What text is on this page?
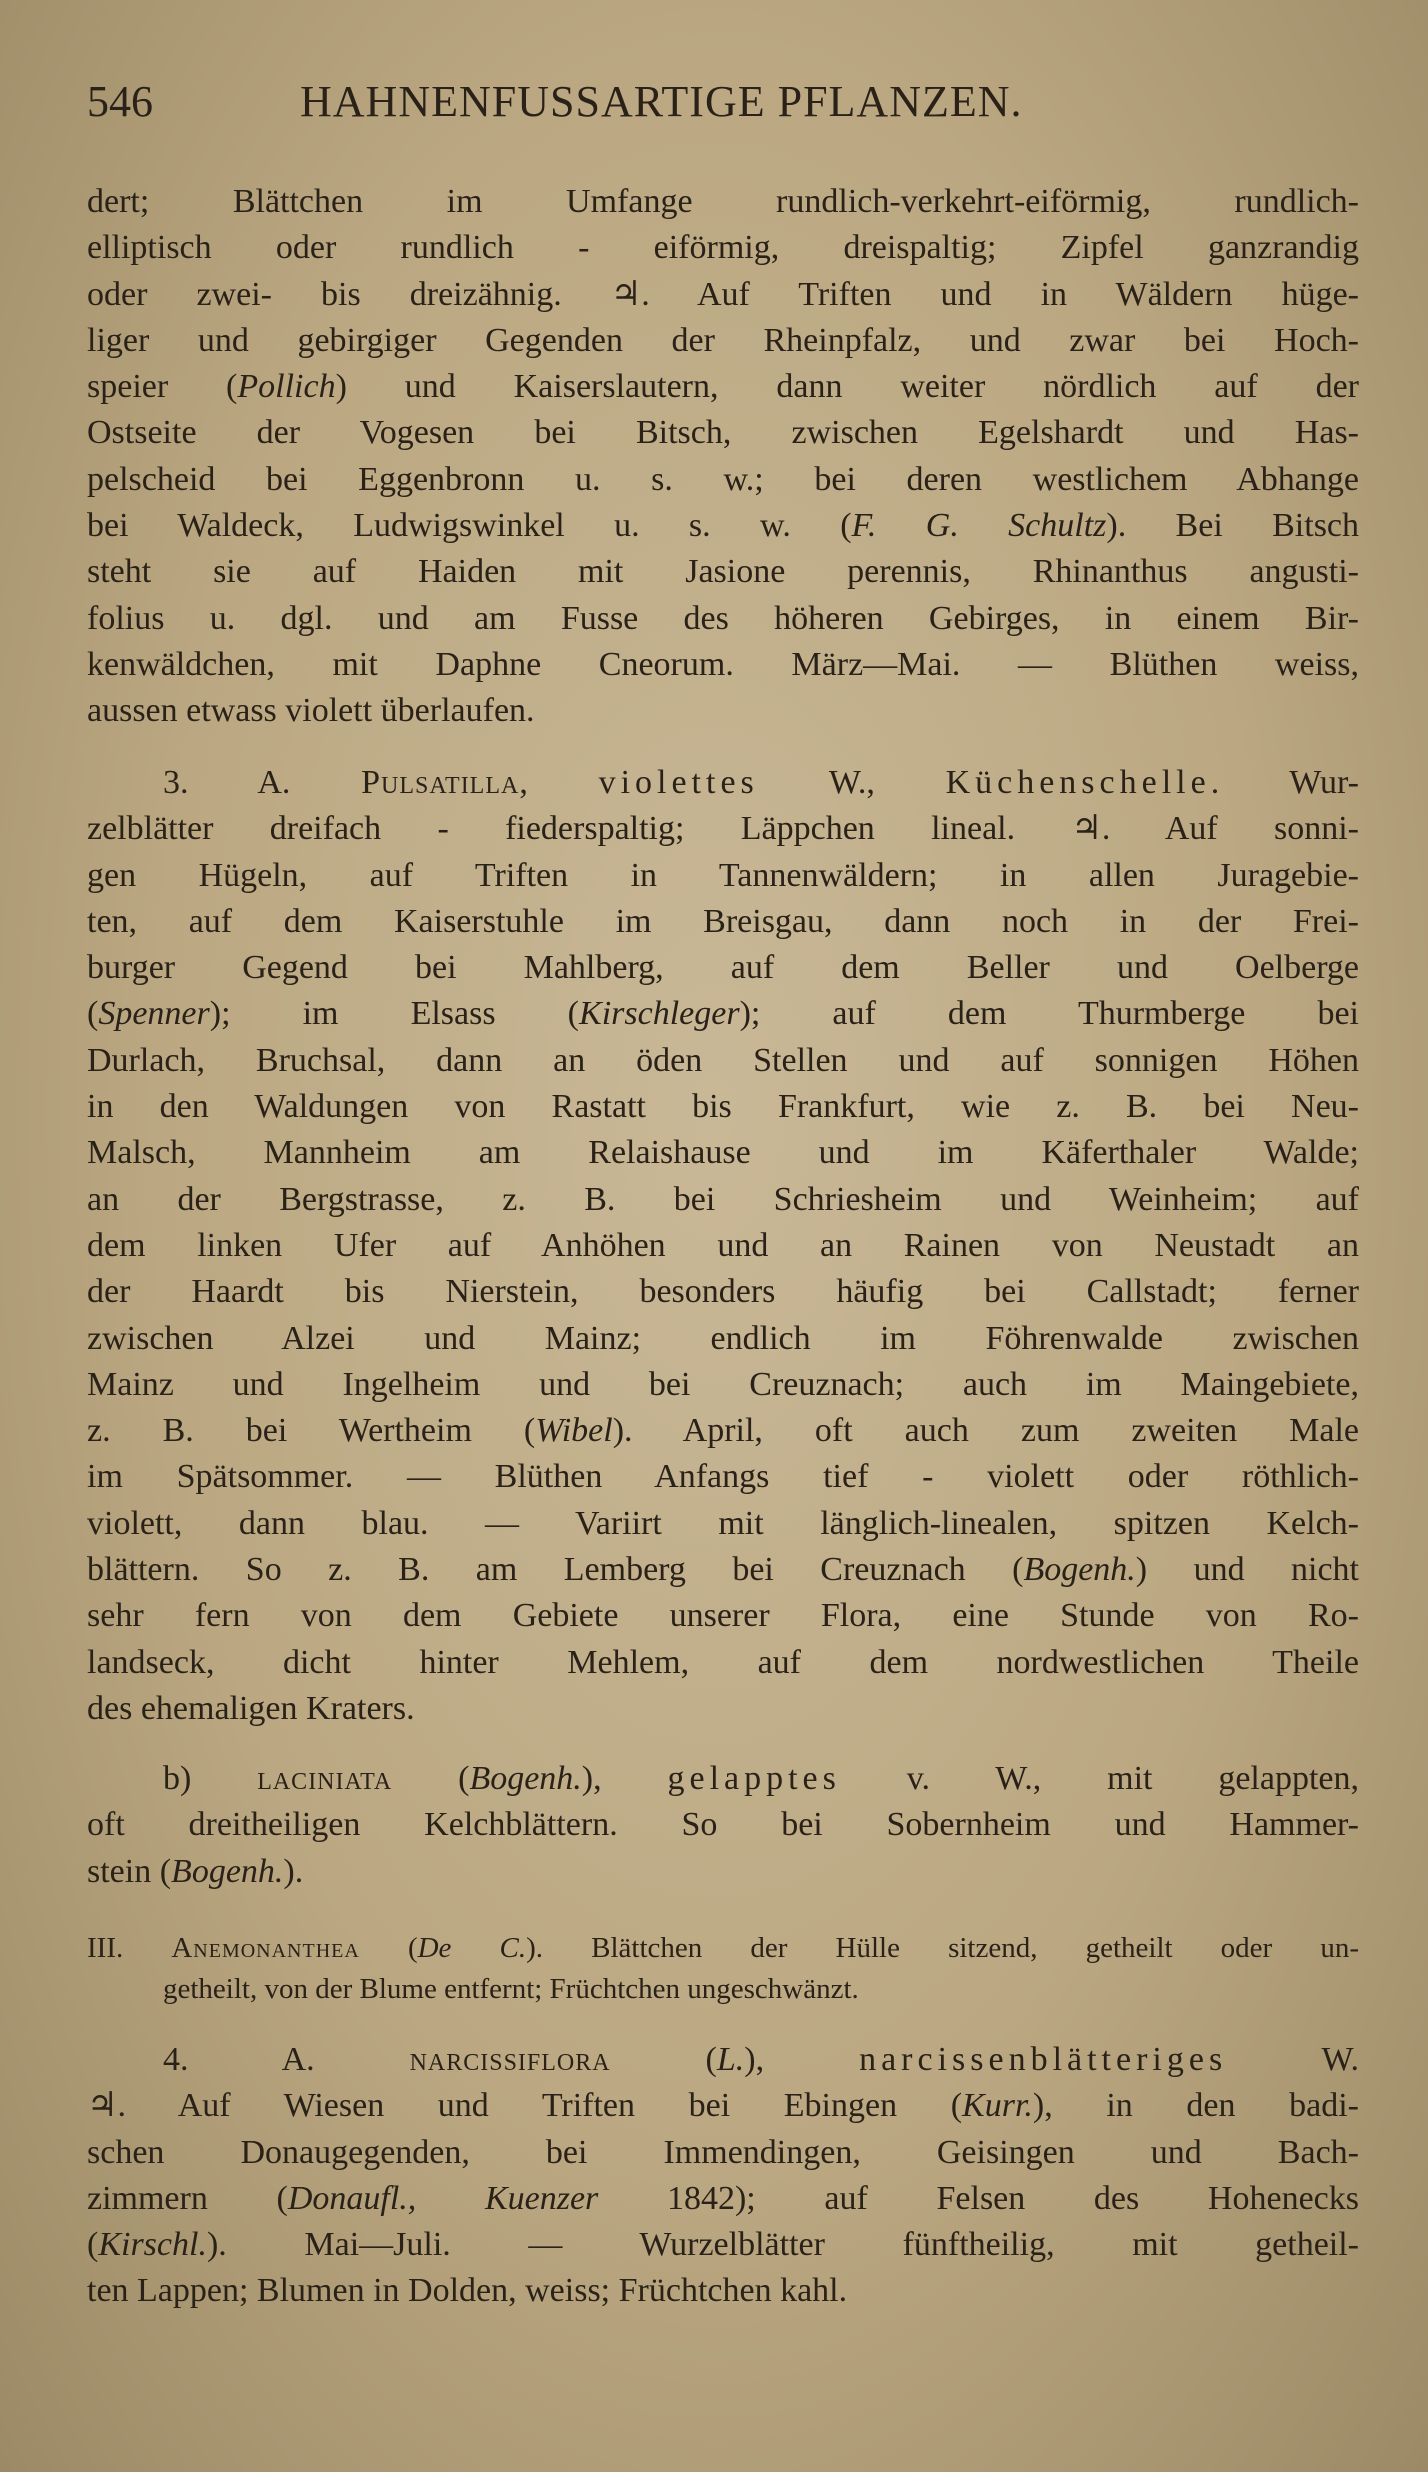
546	HAHNENFUSSARTIGE PFLANZEN.
dert; Blättchen im Umfange rundlich-verkehrt-eiförmig, rundlich-
elliptisch oder rundlich - eiförmig, dreispaltig; Zipfel ganzrandig
oder zwei- bis dreizähnig. ♃. Auf Triften und in Wäldern hüge-
liger und gebirgiger Gegenden der Rheinpfalz, und zwar bei Hoch-
speier (Pollich) und Kaiserslautern, dann weiter nördlich auf der
Ostseite der Vogesen bei Bitsch, zwischen Egelshardt und Has-
pelscheid bei Eggenbronn u. s. w.; bei deren westlichem Abhange
bei Waldeck, Ludwigswinkel u. s. w. (F. G. Schultz). Bei Bitsch
steht sie auf Haiden mit Jasione perennis, Rhinanthus angusti-
folius u. dgl. und am Fusse des höheren Gebirges, in einem Bir-
kenwäldchen, mit Daphne Cneorum. März—Mai. — Blüthen weiss,
aussen etwass violett überlaufen.
3. A. Pulsatilla, violettes W., Küchenschelle. Wur-
zelblätter dreifach - fiederspaltig; Läppchen lineal. ♃. Auf sonni-
gen Hügeln, auf Triften in Tannenwäldern; in allen Juragebie-
ten, auf dem Kaiserstuhle im Breisgau, dann noch in der Frei-
burger Gegend bei Mahlberg, auf dem Beller und Oelberge
(Spenner); im Elsass (Kirschleger); auf dem Thurmberge bei
Durlach, Bruchsal, dann an öden Stellen und auf sonnigen Höhen
in den Waldungen von Rastatt bis Frankfurt, wie z. B. bei Neu-
Malsch, Mannheim am Relaishause und im Käferthaler Walde;
an der Bergstrasse, z. B. bei Schriesheim und Weinheim; auf
dem linken Ufer auf Anhöhen und an Rainen von Neustadt an
der Haardt bis Nierstein, besonders häufig bei Callstadt; ferner
zwischen Alzei und Mainz; endlich im Föhrenwalde zwischen
Mainz und Ingelheim und bei Creuznach; auch im Maingebiete,
z. B. bei Wertheim (Wibel). April, oft auch zum zweiten Male
im Spätsommer. — Blüthen Anfangs tief - violett oder röthlich-
violett, dann blau. — Variirt mit länglich-linealen, spitzen Kelch-
blättern. So z. B. am Lemberg bei Creuznach (Bogenh.) und nicht
sehr fern von dem Gebiete unserer Flora, eine Stunde von Ro-
landseck, dicht hinter Mehlem, auf dem nordwestlichen Theile
des ehemaligen Kraters.
b) laciniata (Bogenh.), gelapptes v. W., mit gelappten,
oft dreitheiligen Kelchblättern. So bei Sobernheim und Hammer-
stein (Bogenh.).
III. Anemonanthea (De C.). Blättchen der Hülle sitzend, getheilt oder un-
getheilt, von der Blume entfernt; Früchtchen ungeschwänzt.
4. A. narcissiflora (L.), narcissenblätteriges W.
♃. Auf Wiesen und Triften bei Ebingen (Kurr.), in den badi-
schen Donaugegenden, bei Immendingen, Geisingen und Bach-
zimmern (Donaufl., Kuenzer 1842); auf Felsen des Hohenecks
(Kirschl.). Mai—Juli. — Wurzelblätter fünftheilig, mit getheil-
ten Lappen; Blumen in Dolden, weiss; Früchtchen kahl.
